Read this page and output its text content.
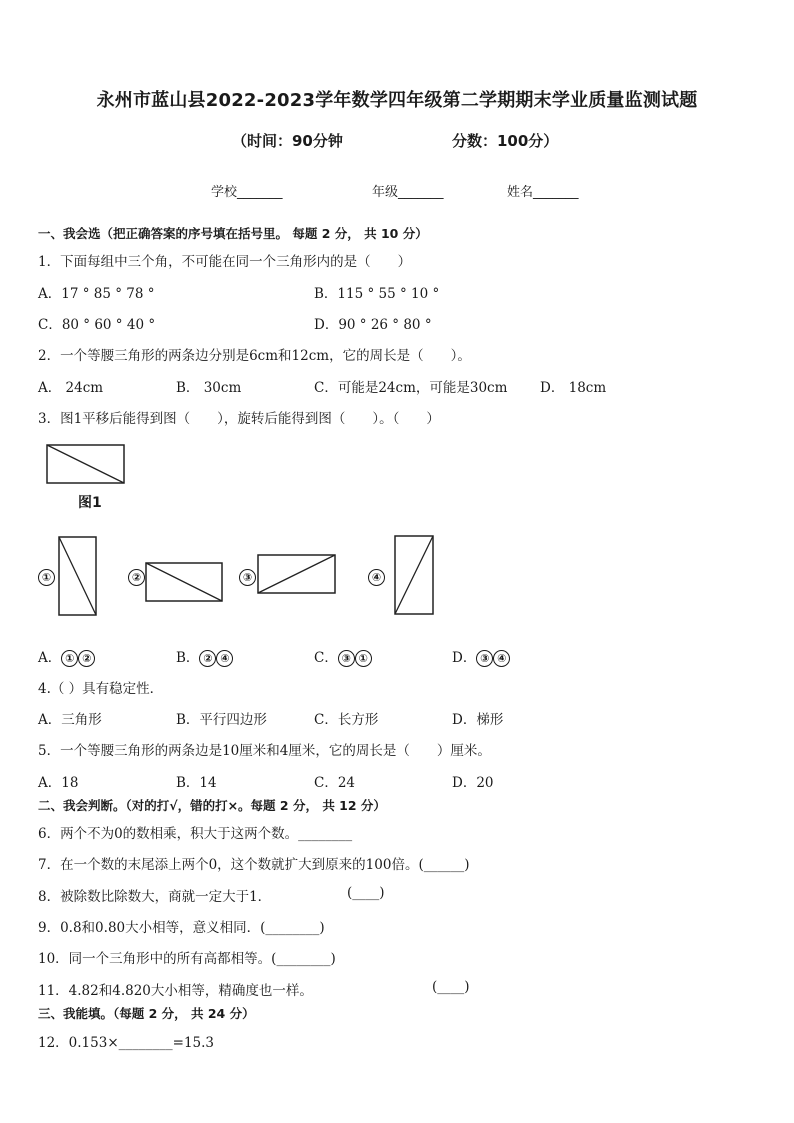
永州市蓝山县2022-2023学年数学四年级第二学期期末学业质量监测试题
（时间：90分钟	分数：100分）
学校_______	年级_______	姓名_______
一、我会选（把正确答案的序号填在括号里。 每题 2 分， 共 10 分）
1．下面每组中三个角，不可能在同一个三角形内的是（　　）
A．17 ° 85 ° 78 °	B．115 ° 55 ° 10 °
C．80 ° 60 ° 40 °	D．90 ° 26 ° 80 °
2．一个等腰三角形的两条边分别是6cm和12cm，它的周长是（　　）。
A． 24cm	B． 30cm	C．可能是24cm，可能是30cm D． 18cm
3．图1平移后能得到图（　　），旋转后能得到图（　　）。（　　）
图1
①	②	③	④
A． ① ②	B． ② ④	C． ③ ①	D． ③ ④
4.（ ）具有稳定性．
A．三角形	B．平行四边形	C．长方形	D．梯形
5．一个等腰三角形的两条边是10厘米和4厘米，它的周长是（　　）厘米。
A．18	B．14	C．24	D．20
二、我会判断。（对的打√，错的打×。每题 2 分， 共 12 分）
6．两个不为0的数相乘，积大于这两个数。________
7．在一个数的末尾添上两个0，这个数就扩大到原来的100倍。(______)
8．被除数比除数大，商就一定大于1．	(____)
9．0.8和0.80大小相等，意义相同．(________)
10．同一个三角形中的所有高都相等。(________)
11．4.82和4.820大小相等，精确度也一样。	(____)
三、我能填。（每题 2 分， 共 24 分）
12．0.153×________=15.3
